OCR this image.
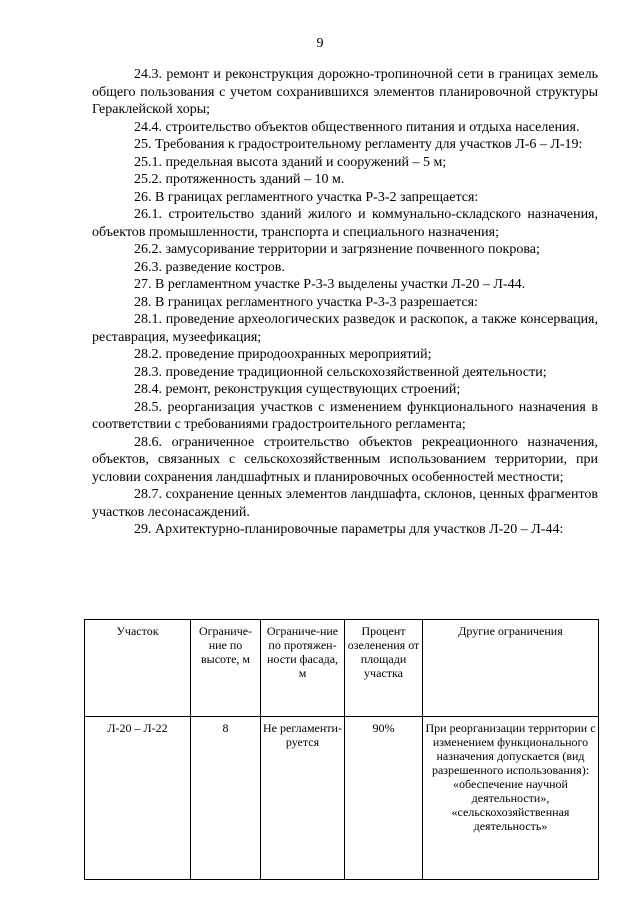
9

24.3. ремонт и реконструкция дорожно-тропиночной сети в границах земель общего пользования с учетом сохранившихся элементов планировочной структуры Гераклейской хоры;

24.4. строительство объектов общественного питания и отдыха населения.

25. Требования к градостроительному регламенту для участков Л-6 – Л-19:

25.1. предельная высота зданий и сооружений – 5 м;

25.2. протяженность зданий – 10 м.

26. В границах регламентного участка Р-3-2 запрещается:

26.1. строительство зданий жилого и коммунально-складского назначения, объектов промышленности, транспорта и специального назначения;

26.2. замусоривание территории и загрязнение почвенного покрова;

26.3. разведение костров.

27. В регламентном участке Р-3-3 выделены участки Л-20 – Л-44.

28. В границах регламентного участка Р-3-3 разрешается:

28.1. проведение археологических разведок и раскопок, а также консервация, реставрация, музеефикация;

28.2. проведение природоохранных мероприятий;

28.3. проведение традиционной сельскохозяйственной деятельности;

28.4. ремонт, реконструкция существующих строений;

28.5. реорганизация участков с изменением функционального назначения в соответствии с требованиями градостроительного регламента;

28.6. ограниченное строительство объектов рекреационного назначения, объектов, связанных с сельскохозяйственным использованием территории, при условии сохранения ландшафтных и планировочных особенностей местности;

28.7. сохранение ценных элементов ландшафта, склонов, ценных фрагментов участков лесонасаждений.

29. Архитектурно-планировочные параметры для участков Л-20 – Л-44:

Участок	Ограниче-ние по высоте, м	Ограниче-ние по протяжен-ности фасада, м	Процент озеленения от площади участка	Другие ограничения
Л-20 – Л-22	8	Не регламенти-руется	90%	При реорганизации территории с изменением функционального назначения допускается (вид разрешенного использования): «обеспечение научной деятельности», «сельскохозяйственная деятельность»
